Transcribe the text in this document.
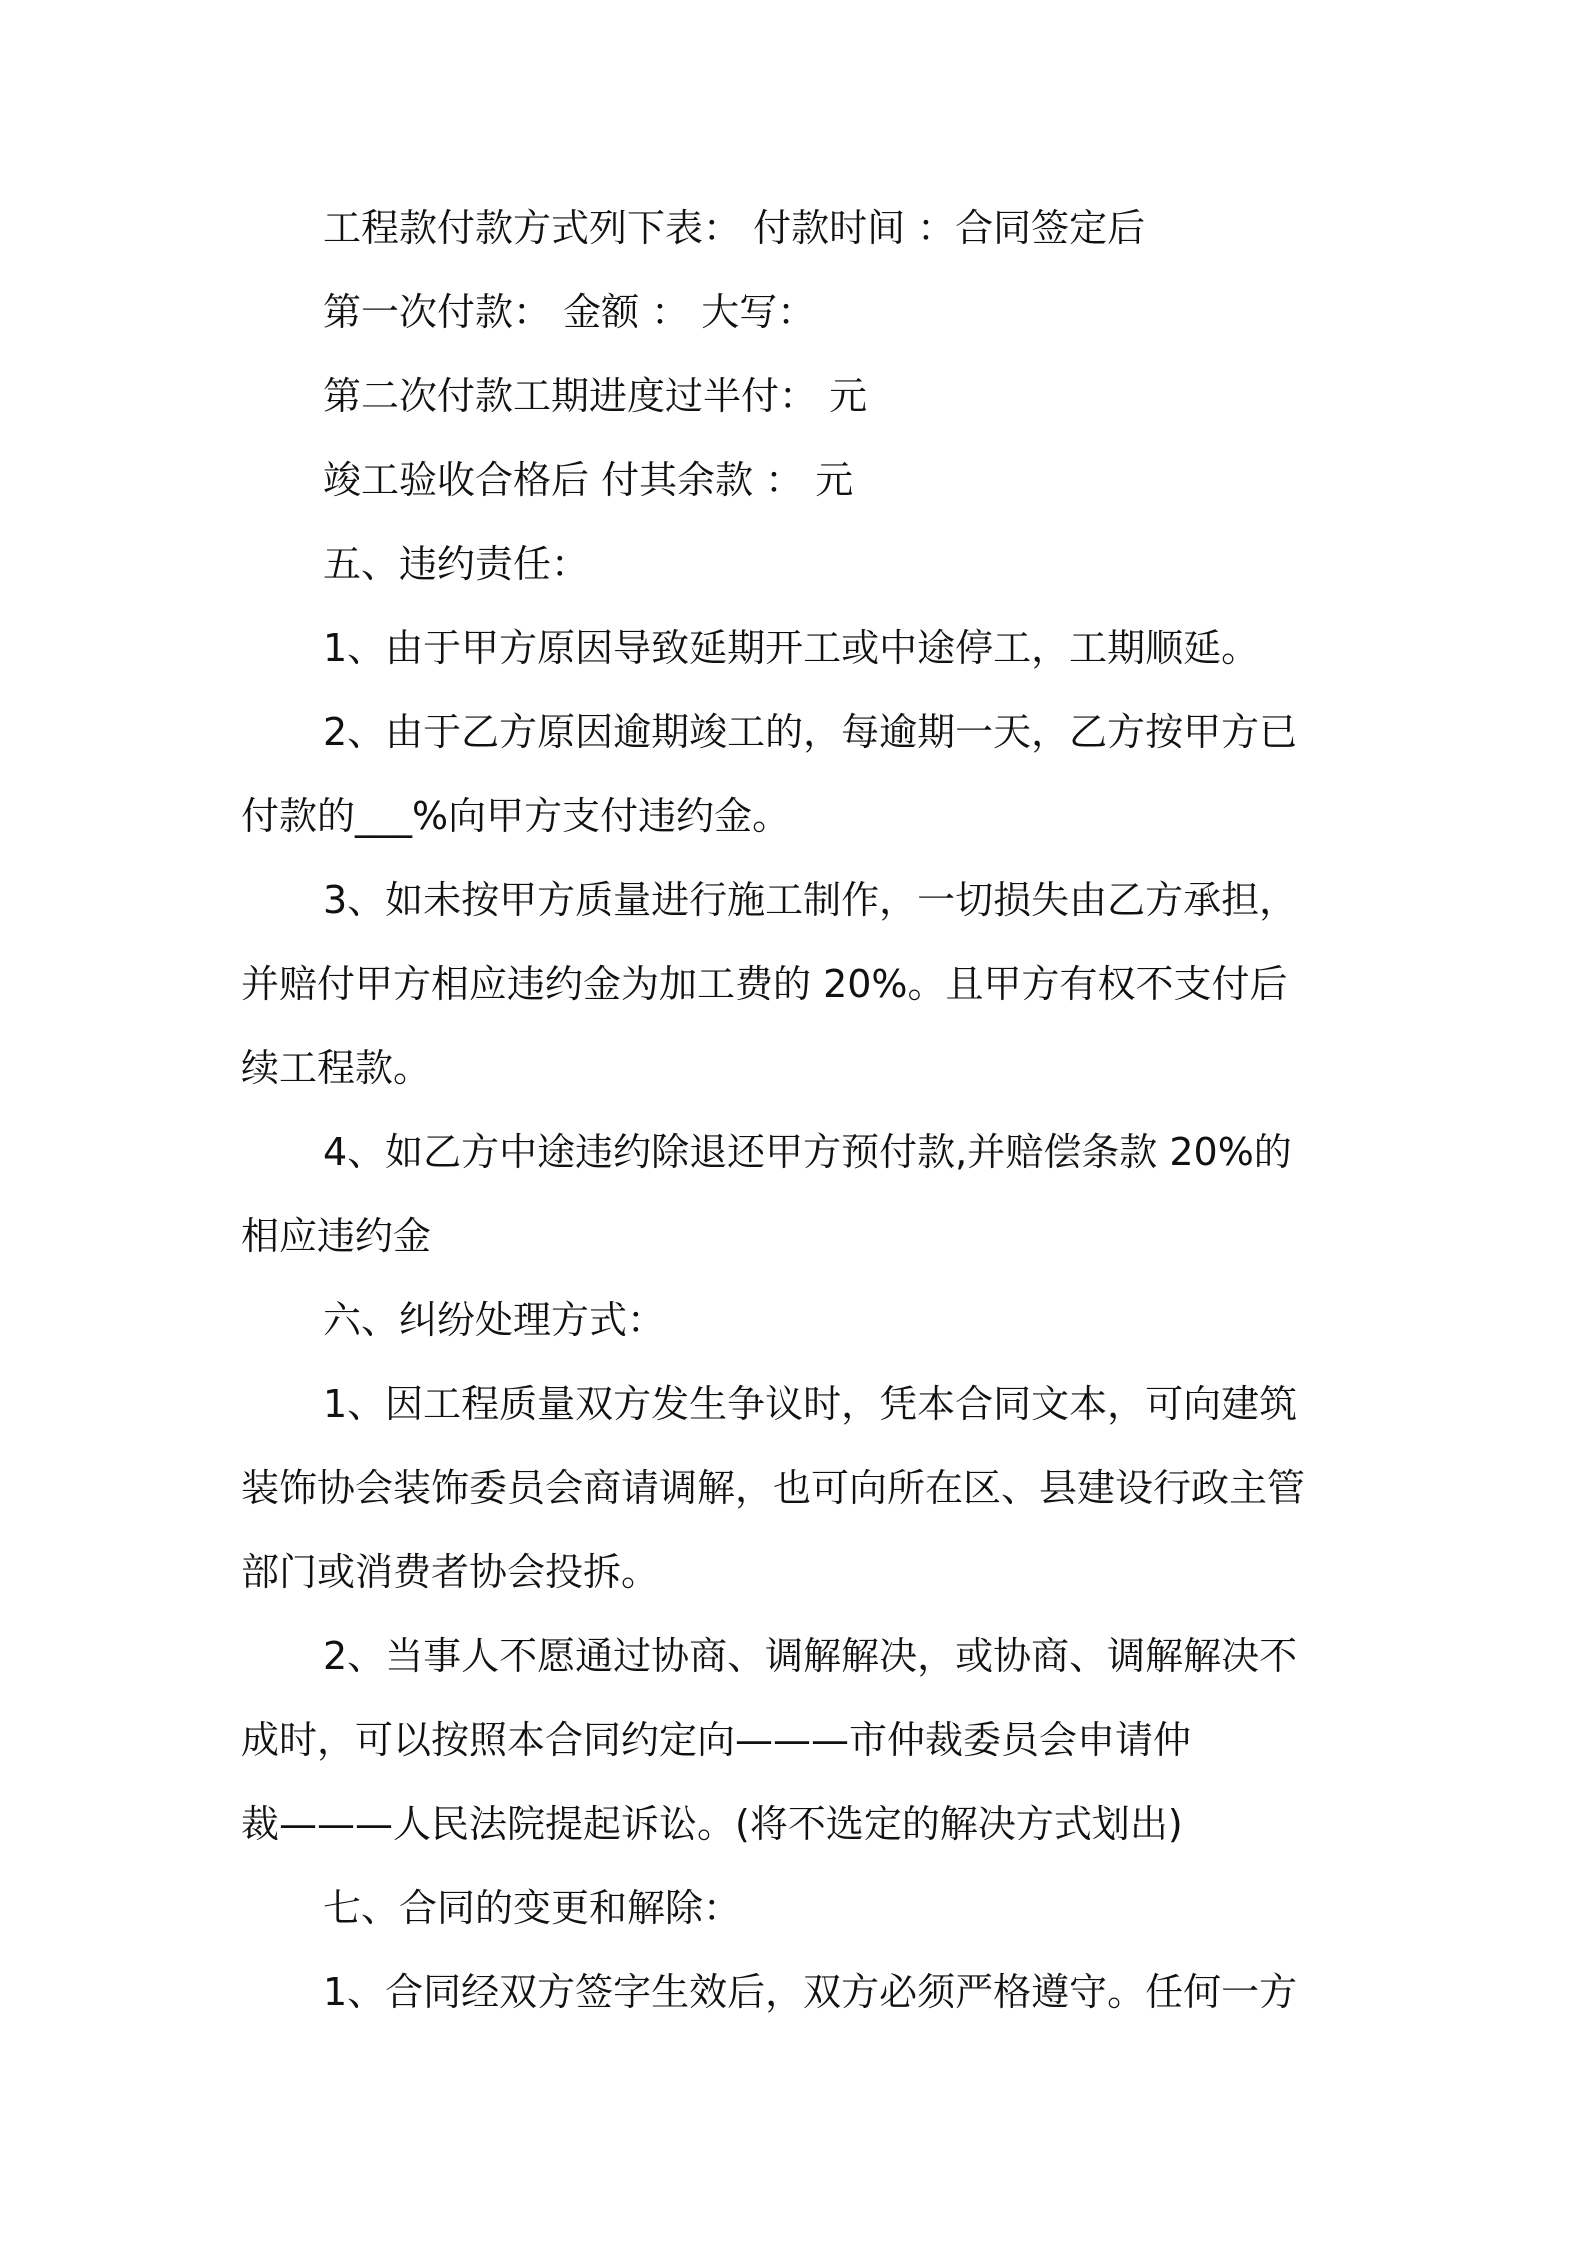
工程款付款方式列下表： 付款时间 ：合同签定后
第一次付款： 金额 ： 大写：
第二次付款工期进度过半付： 元
竣工验收合格后 付其余款 ： 元
五、违约责任：
1、由于甲方原因导致延期开工或中途停工，工期顺延。
2、由于乙方原因逾期竣工的，每逾期一天，乙方按甲方已
付款的___%向甲方支付违约金。
3、如未按甲方质量进行施工制作，一切损失由乙方承担，
并赔付甲方相应违约金为加工费的 20%。且甲方有权不支付后
续工程款。
4、如乙方中途违约除退还甲方预付款,并赔偿条款 20%的
相应违约金
六、纠纷处理方式：
1、因工程质量双方发生争议时，凭本合同文本，可向建筑
装饰协会装饰委员会商请调解，也可向所在区、县建设行政主管
部门或消费者协会投拆。
2、当事人不愿通过协商、调解解决，或协商、调解解决不
成时，可以按照本合同约定向———市仲裁委员会申请仲
裁———人民法院提起诉讼。(将不选定的解决方式划出)
七、合同的变更和解除：
1、合同经双方签字生效后，双方必须严格遵守。任何一方
